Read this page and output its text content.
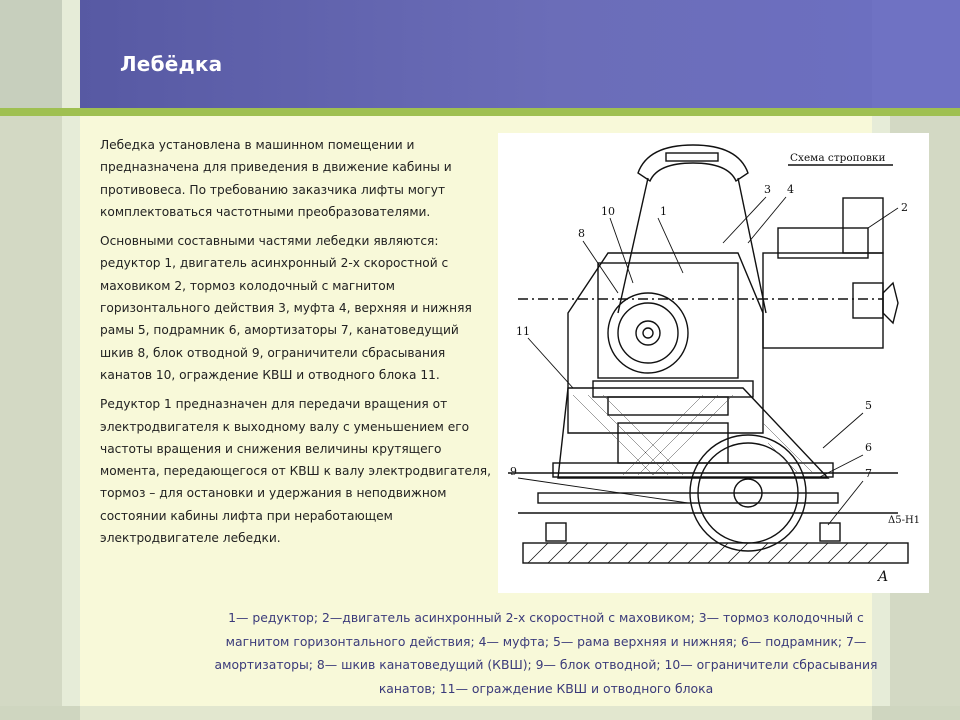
Лебёдка

Лебедка установлена в машинном помещении и предназначена для приведения в движение кабины и противовеса. По требованию заказчика лифты могут комплектоваться частотными преобразователями.

Основными составными частями лебедки являются: редуктор 1, двигатель асинхронный 2-х скоростной с маховиком 2, тормоз колодочный с магнитом горизонтального действия 3, муфта 4, верхняя и нижняя рамы 5, подрамник 6, амортизаторы 7, канатоведущий шкив 8, блок отводной 9, ограничители сбрасывания канатов 10, ограждение КВШ и отводного блока 11.

Редуктор 1 предназначен для передачи вращения от электродвигателя к выходному валу с уменьшением его частоты вращения и снижения величины крутящего момента, передающегося от КВШ к валу электродвигателя, тормоз – для остановки и удержания в неподвижном состоянии кабины лифта при неработающем электродвигателе лебедки.

1	2
3 4
5
6
7
8
9
10
11
Схема строповки
Δ5-Н1
A
1— редуктор; 2—двигатель асинхронный 2-х скоростной с маховиком; 3— тормоз колодочный с магнитом горизонтального действия; 4— муфта; 5— рама верхняя и нижняя; 6— подрамник; 7— амортизаторы; 8— шкив канатоведущий (КВШ); 9— блок отводной; 10— ограничители сбрасывания канатов; 11— ограждение КВШ и отводного блока
